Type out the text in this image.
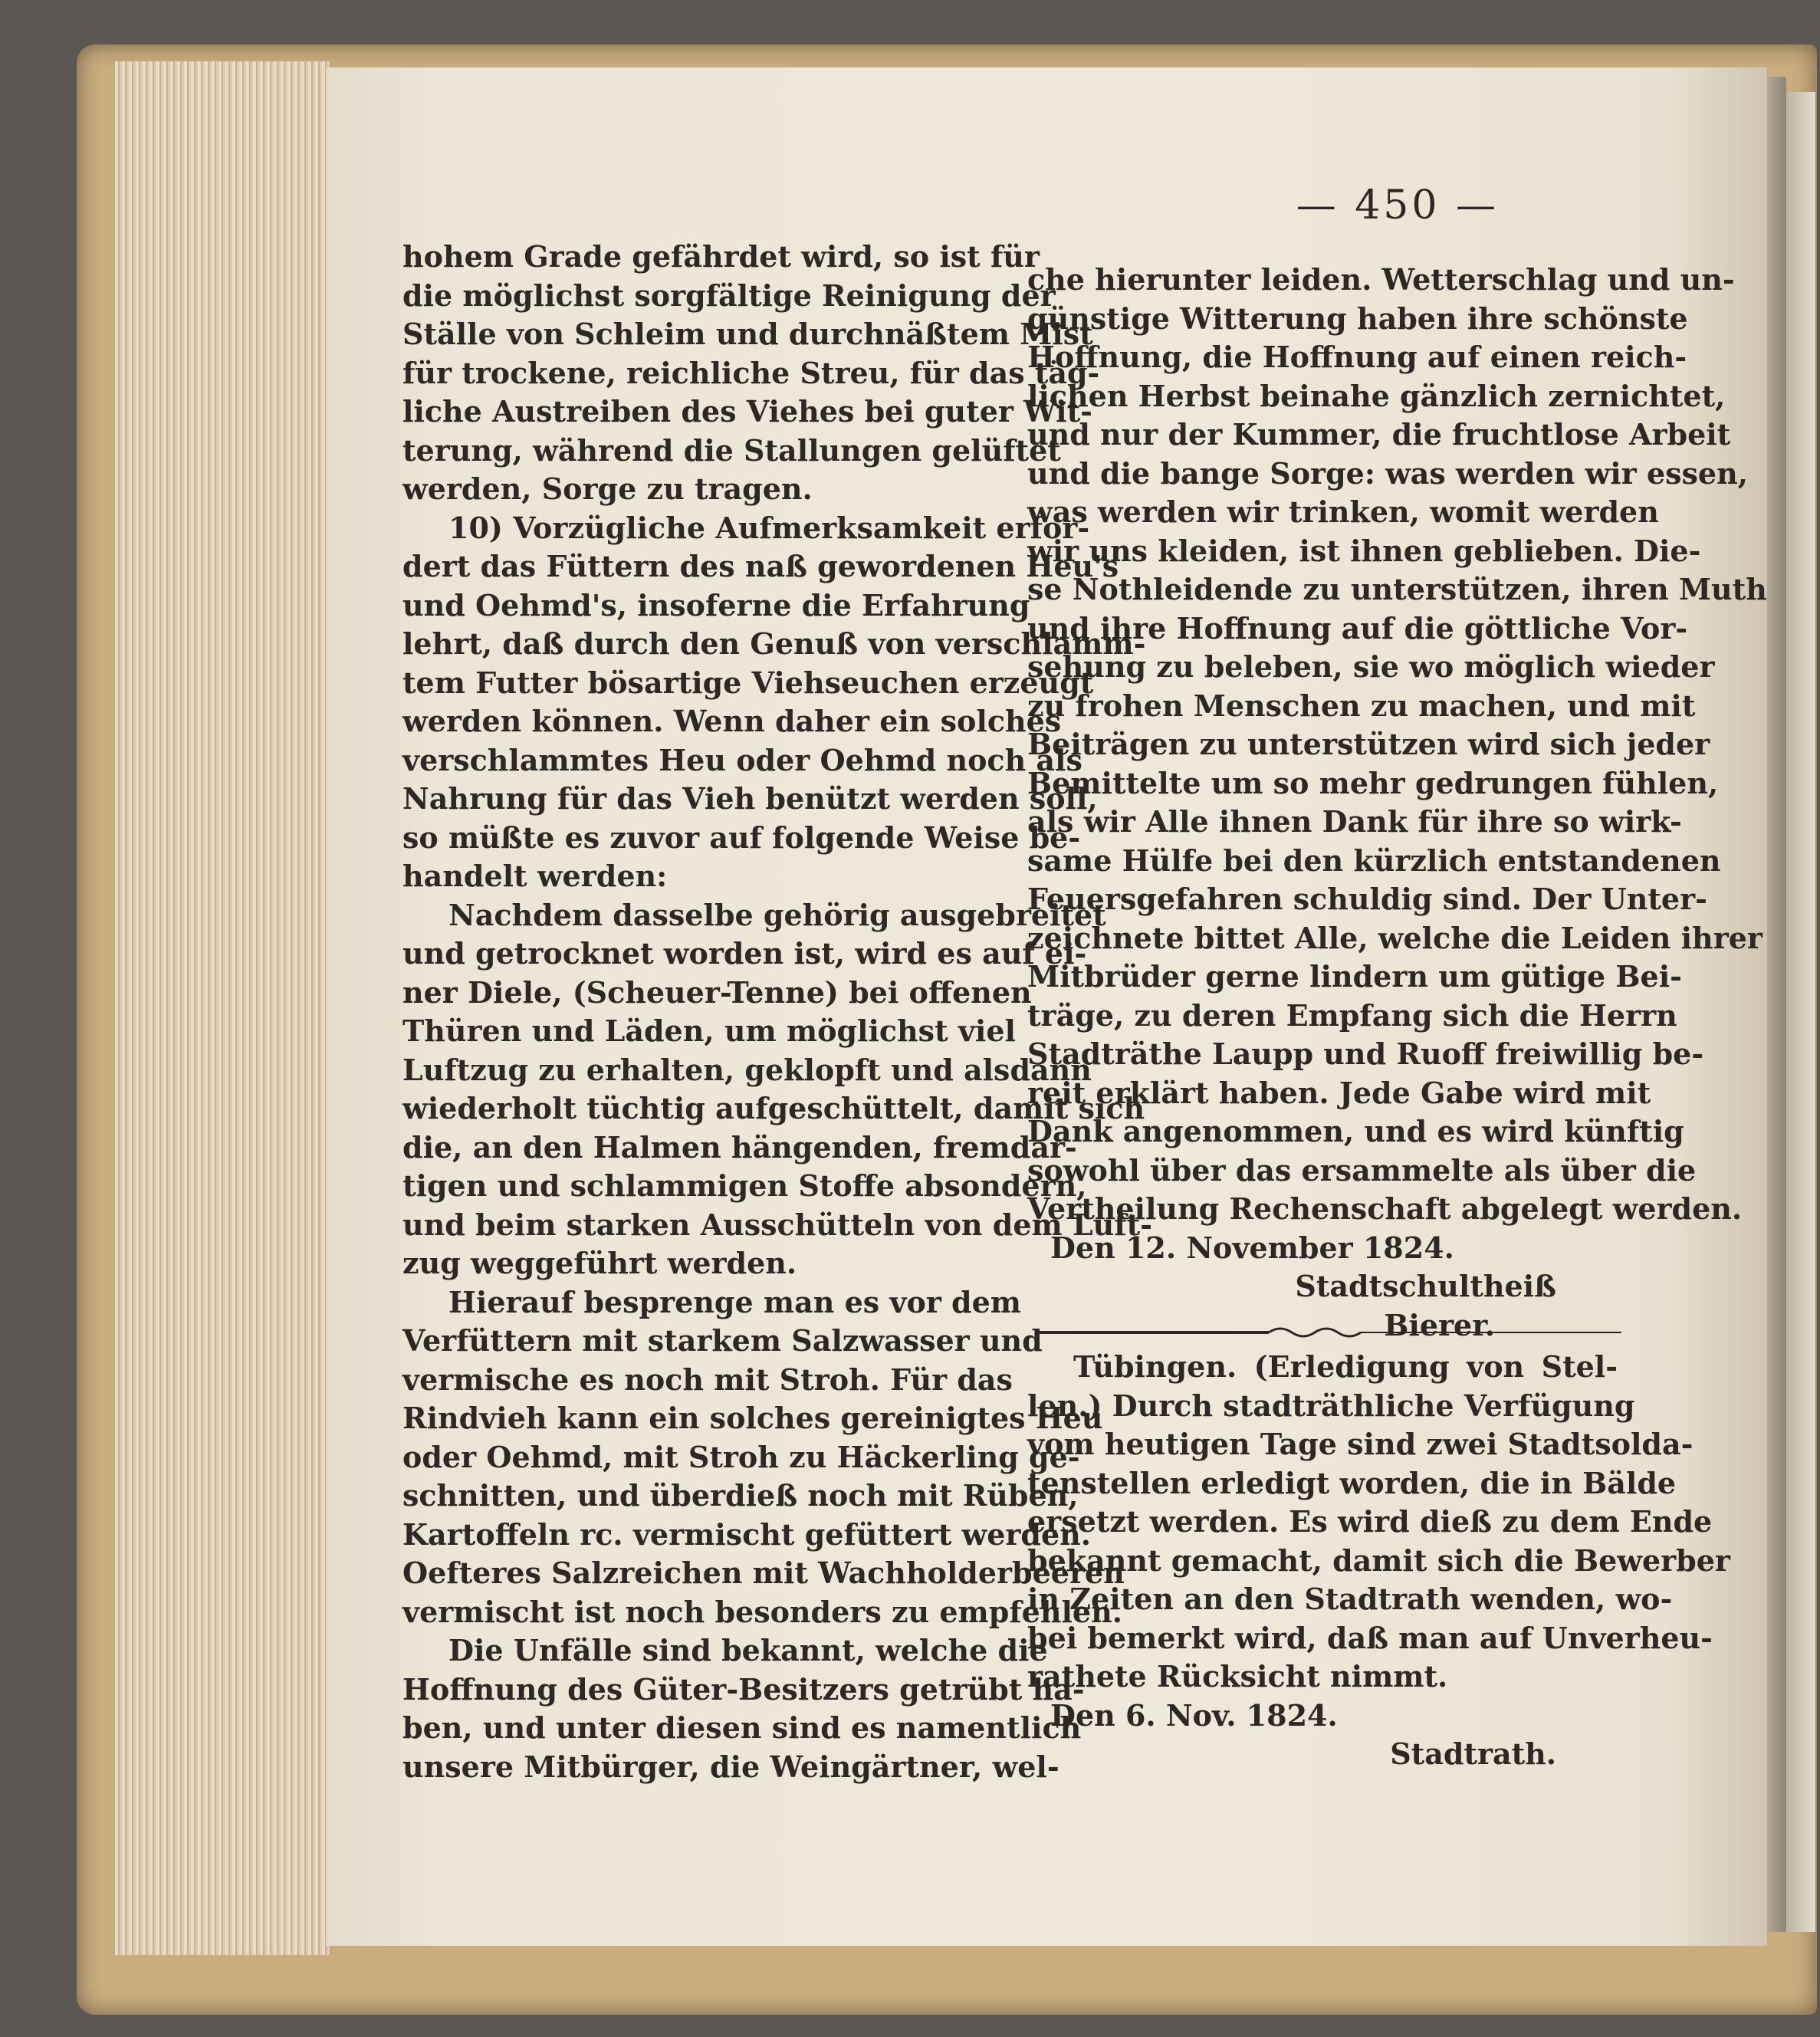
— 450 —
hohem Grade gefährdet wird, so ist für
die möglichst sorgfältige Reinigung der
Ställe von Schleim und durchnäßtem Mist
für trockene, reichliche Streu, für das täg-
liche Austreiben des Viehes bei guter Wit-
terung, während die Stallungen gelüftet
werden, Sorge zu tragen.
10) Vorzügliche Aufmerksamkeit erfor-
dert das Füttern des naß gewordenen Heu's
und Oehmd's, insoferne die Erfahrung
lehrt, daß durch den Genuß von verschlamm-
tem Futter bösartige Viehseuchen erzeugt
werden können. Wenn daher ein solches
verschlammtes Heu oder Oehmd noch als
Nahrung für das Vieh benützt werden soll,
so müßte es zuvor auf folgende Weise be-
handelt werden:
Nachdem dasselbe gehörig ausgebreitet
und getrocknet worden ist, wird es auf ei-
ner Diele, (Scheuer-Tenne) bei offenen
Thüren und Läden, um möglichst viel
Luftzug zu erhalten, geklopft und alsdann
wiederholt tüchtig aufgeschüttelt, damit sich
die, an den Halmen hängenden, fremdar-
tigen und schlammigen Stoffe absondern,
und beim starken Ausschütteln von dem Luft-
zug weggeführt werden.
Hierauf besprenge man es vor dem
Verfüttern mit starkem Salzwasser und
vermische es noch mit Stroh. Für das
Rindvieh kann ein solches gereinigtes Heu
oder Oehmd, mit Stroh zu Häckerling ge-
schnitten, und überdieß noch mit Rüben,
Kartoffeln rc. vermischt gefüttert werden.
Oefteres Salzreichen mit Wachholderbeeren
vermischt ist noch besonders zu empfehlen.
Die Unfälle sind bekannt, welche die
Hoffnung des Güter-Besitzers getrübt ha-
ben, und unter diesen sind es namentlich
unsere Mitbürger, die Weingärtner, wel-
che hierunter leiden. Wetterschlag und un-
günstige Witterung haben ihre schönste
Hoffnung, die Hoffnung auf einen reich-
lichen Herbst beinahe gänzlich zernichtet,
und nur der Kummer, die fruchtlose Arbeit
und die bange Sorge: was werden wir essen,
was werden wir trinken, womit werden
wir uns kleiden, ist ihnen geblieben. Die-
se Nothleidende zu unterstützen, ihren Muth
und ihre Hoffnung auf die göttliche Vor-
sehung zu beleben, sie wo möglich wieder
zu frohen Menschen zu machen, und mit
Beiträgen zu unterstützen wird sich jeder
Bemittelte um so mehr gedrungen fühlen,
als wir Alle ihnen Dank für ihre so wirk-
same Hülfe bei den kürzlich entstandenen
Feuersgefahren schuldig sind. Der Unter-
zeichnete bittet Alle, welche die Leiden ihrer
Mitbrüder gerne lindern um gütige Bei-
träge, zu deren Empfang sich die Herrn
Stadträthe Laupp und Ruoff freiwillig be-
reit erklärt haben. Jede Gabe wird mit
Dank angenommen, und es wird künftig
sowohl über das ersammelte als über die
Vertheilung Rechenschaft abgelegt werden.
Den 12. November 1824.
Stadtschultheiß
Bierer.
Tübingen. (Erledigung von Stel-
len.) Durch stadträthliche Verfügung
vom heutigen Tage sind zwei Stadtsolda-
tenstellen erledigt worden, die in Bälde
ersetzt werden. Es wird dieß zu dem Ende
bekannt gemacht, damit sich die Bewerber
in Zeiten an den Stadtrath wenden, wo-
bei bemerkt wird, daß man auf Unverheu-
rathete Rücksicht nimmt.
Den 6. Nov. 1824.
Stadtrath.
